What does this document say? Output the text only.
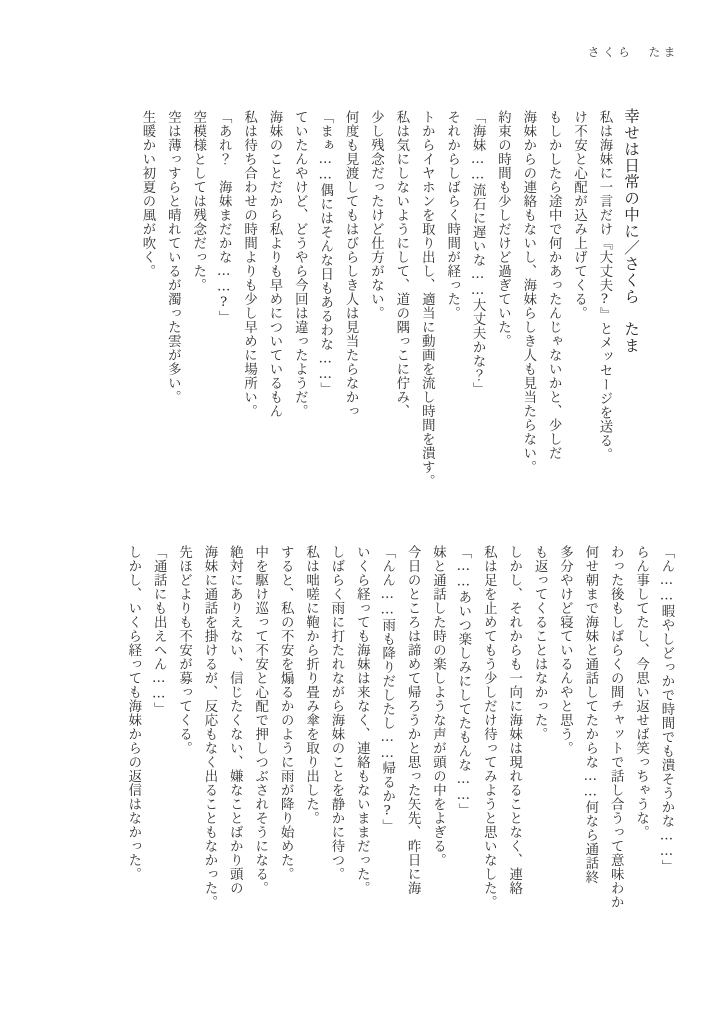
さくら　たま
幸せは日常の中に／さくら　たま
生暖かい初夏の風が吹く。 空は薄っすらと晴れているが濁った雲が多い。 空模様としては残念だった。 「あれ？　海妹まだかな……?」 私は待ち合わせの時間よりも少し早めに場所い。 海妹のことだから私よりも早めについているもん ていたんやけど、どうやら今回は違ったようだ。 「まぁ……偶にはそんな日もあるわな……」 何度も見渡してもはびらしき人は見当たらなかっ 少し残念だったけど仕方がない。 私は気にしないようにして、道の隅っこに佇み、 トからイヤホンを取り出し、適当に動画を流し時間を潰す。 それからしばらく時間が経った。 「海妹……流石に遅いな……大丈夫かな？」 約束の時間も少しだけど過ぎていた。 海妹からの連絡もないし、海妹らしき人も見当たらない。 もしかしたら途中で何かあったんじゃないかと、少しだ け不安と心配が込み上げてくる。 私は海妹に一言だけ『大丈夫?』とメッセージを送る。
しかし、いくら経っても海妹からの返信はなかった。 「通話にも出えへん……」 先ほどよりも不安が募ってくる。 海妹に通話を掛けるが、反応もなく出ることもなかった。 絶対にありえない、信じたくない、嫌なことばかり頭の 中を駆け巡って不安と心配で押しつぶされそうになる。 すると、私の不安を煽るかのように雨が降り始めた。 私は咄嗟に鞄から折り畳み傘を取り出した。 しばらく雨に打たれながら海妹のことを静かに待つ。 いくら経っても海妹は来なく、連絡もないままだった。 「んん……雨も降りだしたし……帰るか?」 今日のところは諦めて帰ろうかと思った矢先、昨日に海 妹と通話した時の楽しような声が頭の中をよぎる。 「……あいつ楽しみにしてたもんな……」 私は足を止めてもう少しだけ待ってみようと思いなした。 しかし、それからも一向に海妹は現れることなく、連絡 も返ってくることはなかった。 多分やけど寝ているんやと思う。 何せ朝まで海妹と通話してたからな……何なら通話終 わった後もしばらくの間チャットで話し合うって意味わか らん事してたし、今思い返せば笑っちゃうな。 「ん……暇やしどっかで時間でも潰そうかな……」
